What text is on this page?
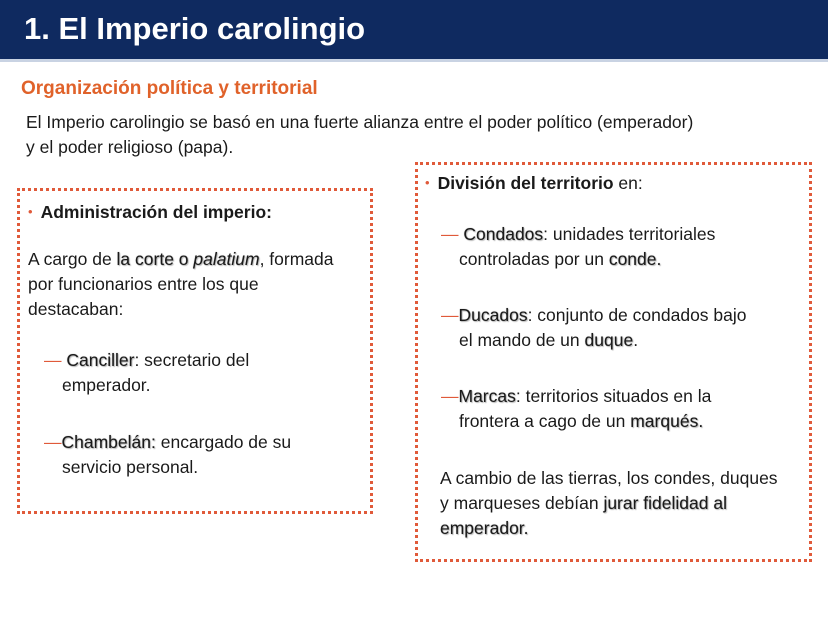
1. El Imperio carolingio
Organización política y territorial
El Imperio carolingio se basó en una fuerte alianza entre el poder político (emperador)
y el poder religioso (papa).
• Administración del imperio:
A cargo de la corte o palatium, formada
por funcionarios entre los que
destacaban:
— Canciller: secretario del

emperador.
—Chambelán: encargado de su

servicio personal.
• División del territorio en:
— Condados: unidades territoriales

controladas por un conde.
—Ducados: conjunto de condados bajo

el mando de un duque.
—Marcas: territorios situados en la

frontera a cago de un marqués.
A cambio de las tierras, los condes, duques
y marqueses debían jurar fidelidad al
emperador.
